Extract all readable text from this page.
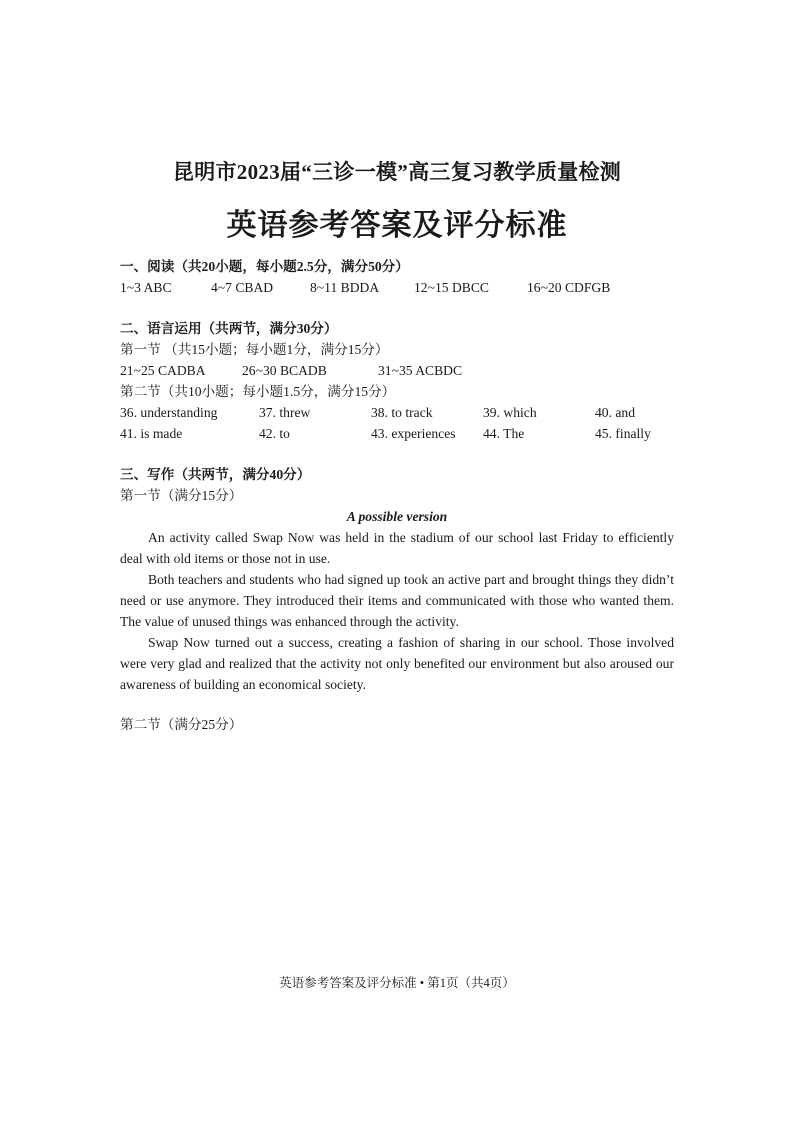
昆明市2023届“三诊一模”高三复习教学质量检测
英语参考答案及评分标准
一、阅读（共20小题，每小题2.5分，满分50分）
1~3 ABC	4~7 CBAD	8~11 BDDA	12~15 DBCC	16~20 CDFGB
二、语言运用（共两节，满分30分）
第一节 （共15小题；每小题1分，满分15分）
21~25 CADBA	26~30 BCADB	31~35 ACBDC
第二节（共10小题；每小题1.5分，满分15分）
36. understanding	37. threw	38. to track	39. which	40. and
41. is made	42. to	43. experiences 44. The	45. finally
三、写作（共两节，满分40分）
第一节（满分15分）
A possible version

An activity called Swap Now was held in the stadium of our school last Friday to efficiently deal with old items or those not in use.

Both teachers and students who had signed up took an active part and brought things they didn’t need or use anymore. They introduced their items and communicated with those who wanted them. The value of unused things was enhanced through the activity.

Swap Now turned out a success, creating a fashion of sharing in our school. Those involved were very glad and realized that the activity not only benefited our environment but also aroused our awareness of building an economical society.

第二节（满分25分）
英语参考答案及评分标准 • 第1页（共4页）
